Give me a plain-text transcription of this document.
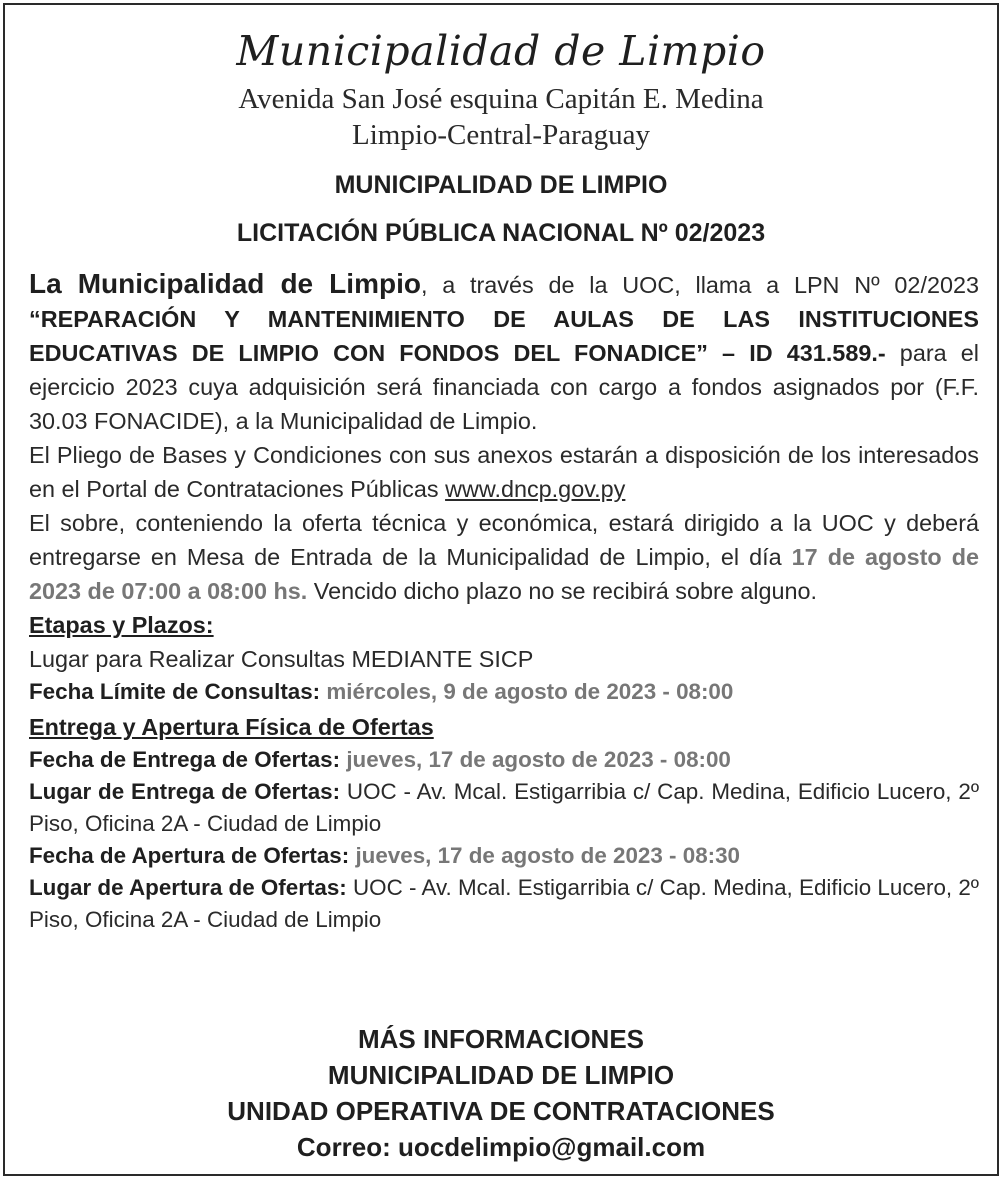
Municipalidad de Limpio
Avenida San José esquina Capitán E. Medina
Limpio-Central-Paraguay
MUNICIPALIDAD DE LIMPIO
LICITACIÓN PÚBLICA NACIONAL Nº 02/2023

La Municipalidad de Limpio, a través de la UOC, llama a LPN Nº 02/2023 “REPARACIÓN Y MANTENIMIENTO DE AULAS DE LAS INSTITUCIONES EDUCATIVAS DE LIMPIO CON FONDOS DEL FONADICE” – ID 431.589.- para el ejercicio 2023 cuya adquisición será financiada con cargo a fondos asignados por (F.F. 30.03 FONACIDE), a la Municipalidad de Limpio.

El Pliego de Bases y Condiciones con sus anexos estarán a disposición de los interesados en el Portal de Contrataciones Públicas www.dncp.gov.py

El sobre, conteniendo la oferta técnica y económica, estará dirigido a la UOC y deberá entregarse en Mesa de Entrada de la Municipalidad de Limpio, el día 17 de agosto de 2023 de 07:00 a 08:00 hs. Vencido dicho plazo no se recibirá sobre alguno.

Etapas y Plazos:

Lugar para Realizar Consultas MEDIANTE SICP

Fecha Límite de Consultas: miércoles, 9 de agosto de 2023 - 08:00

Entrega y Apertura Física de Ofertas

Fecha de Entrega de Ofertas: jueves, 17 de agosto de 2023 - 08:00

Lugar de Entrega de Ofertas: UOC - Av. Mcal. Estigarribia c/ Cap. Medina, Edificio Lucero, 2º Piso, Oficina 2A - Ciudad de Limpio

Fecha de Apertura de Ofertas: jueves, 17 de agosto de 2023 - 08:30

Lugar de Apertura de Ofertas: UOC - Av. Mcal. Estigarribia c/ Cap. Medina, Edificio Lucero, 2º Piso, Oficina 2A - Ciudad de Limpio

MÁS INFORMACIONES
MUNICIPALIDAD DE LIMPIO
UNIDAD OPERATIVA DE CONTRATACIONES
Correo: uocdelimpio@gmail.com
